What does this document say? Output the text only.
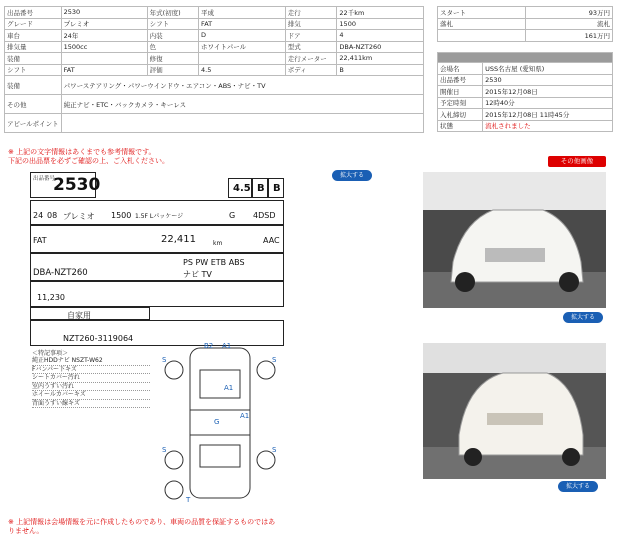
出品番号	2530	年式(初度)	平成	走行	22千km
グレード	プレミオ	シフト	FAT	排気	1500
車台	24年	内装	D	ドア	4
排気量	1500cc	色	ホワイトパール	型式	DBA-NZT260
装備		修復		走行メーター	22,411km
シフト	FAT	評価	4.5	ボディ	B
装備	パワーステアリング・パワーウインドウ・エアコン・ABS・ナビ・TV				
その他	純正ナビ・ETC・バックカメラ・キーレス				
アピールポイント					
スタート	93万円
落札	流札
	161万円

会場名	USS名古屋 (愛知県)
出品番号	2530
開催日	2015年12月08日
予定時刻	12時40分
入札締切	2015年12月08日 11時45分
状態	流札されました
※ 上記の文字情報はあくまでも参考情報です。
下記の出品票を必ずご確認の上、ご入札ください。
※ 上記情報は会場情報を元に作成したものであり、車両の品質を保証するものではあ
りません。
出品番号
2530	4.5 B B
24 08 プレミオ 1500 1.5F Lパッケージ	G 4DSD
FAT	22,411	km	AAC
DBA-NZT260
PS PW ETB ABS
ナビ TV
11,230
自家用
NZT260-3119064
＜特記事項＞
純正HDDナビ NSZT-W62
Fバンパー下キズ
シートカバー汚れ
室内うすい汚れ
ホイールカバーキズ
背面うすい線キズ
B2 A1
A1
G
A1
S	S
S	S
T
拡大する
その他画像
拡大する
拡大する
